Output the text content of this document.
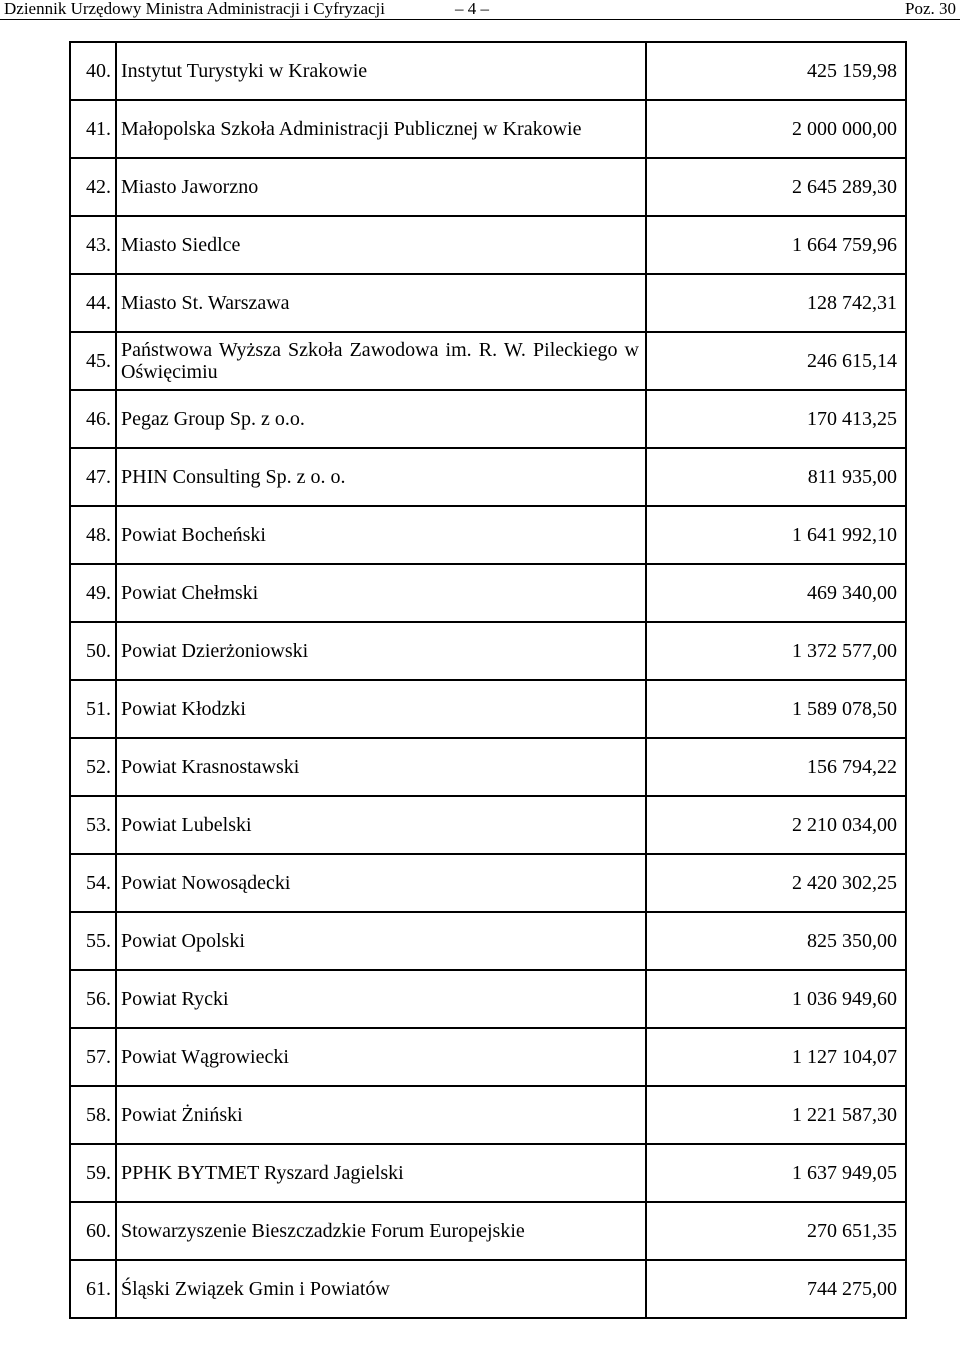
Dziennik Urzędowy Ministra Administracji i Cyfryzacji	– 4 –	Poz. 30
40.	Instytut Turystyki w Krakowie	425 159,98
41.	Małopolska Szkoła Administracji Publicznej w Krakowie	2 000 000,00
42.	Miasto Jaworzno	2 645 289,30
43.	Miasto Siedlce	1 664 759,96
44.	Miasto St. Warszawa	128 742,31
45.	Państwowa Wyższa Szkoła Zawodowa im. R. W. Pileckiego w Oświęcimiu	246 615,14
46.	Pegaz Group Sp. z o.o.	170 413,25
47.	PHIN Consulting Sp. z o. o.	811 935,00
48.	Powiat Bocheński	1 641 992,10
49.	Powiat Chełmski	469 340,00
50.	Powiat Dzierżoniowski	1 372 577,00
51.	Powiat Kłodzki	1 589 078,50
52.	Powiat Krasnostawski	156 794,22
53.	Powiat Lubelski	2 210 034,00
54.	Powiat Nowosądecki	2 420 302,25
55.	Powiat Opolski	825 350,00
56.	Powiat Rycki	1 036 949,60
57.	Powiat Wągrowiecki	1 127 104,07
58.	Powiat Żniński	1 221 587,30
59.	PPHK BYTMET Ryszard Jagielski	1 637 949,05
60.	Stowarzyszenie Bieszczadzkie Forum Europejskie	270 651,35
61.	Śląski Związek Gmin i Powiatów	744 275,00
